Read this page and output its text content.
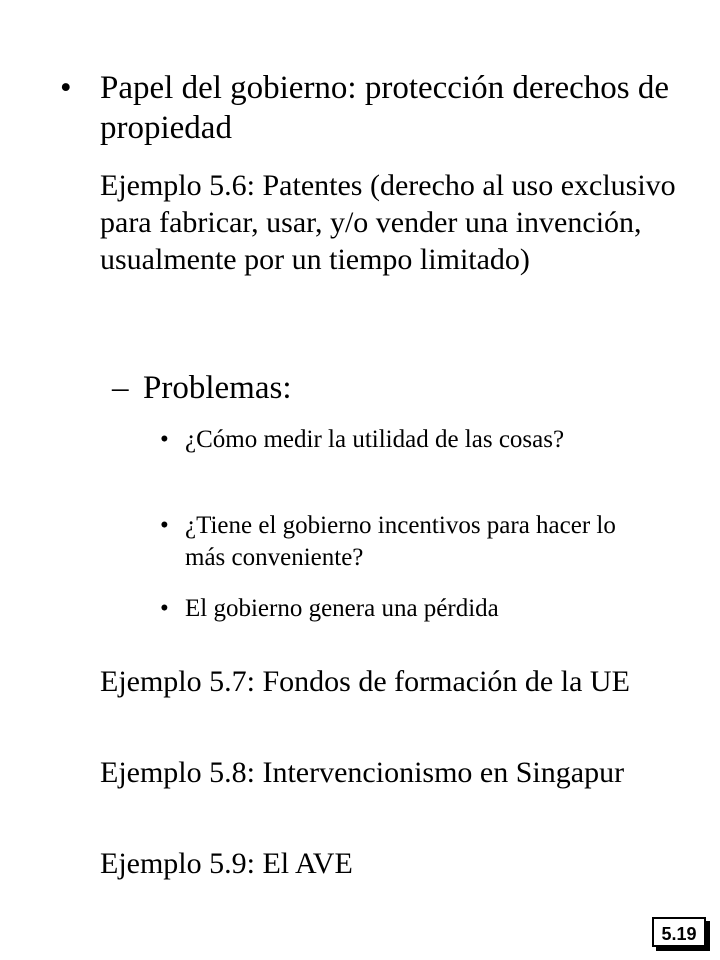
• Papel del gobierno: protección derechos de propiedad
Ejemplo 5.6: Patentes (derecho al uso exclusivo para fabricar, usar, y/o vender una invención, usualmente por un tiempo limitado)
– Problemas:
• ¿Cómo medir la utilidad de las cosas?
• ¿Tiene el gobierno incentivos para hacer lo más conveniente?
• El gobierno genera una pérdida
Ejemplo 5.7: Fondos de formación de la UE
Ejemplo 5.8: Intervencionismo en Singapur
Ejemplo 5.9: El AVE
5.19
